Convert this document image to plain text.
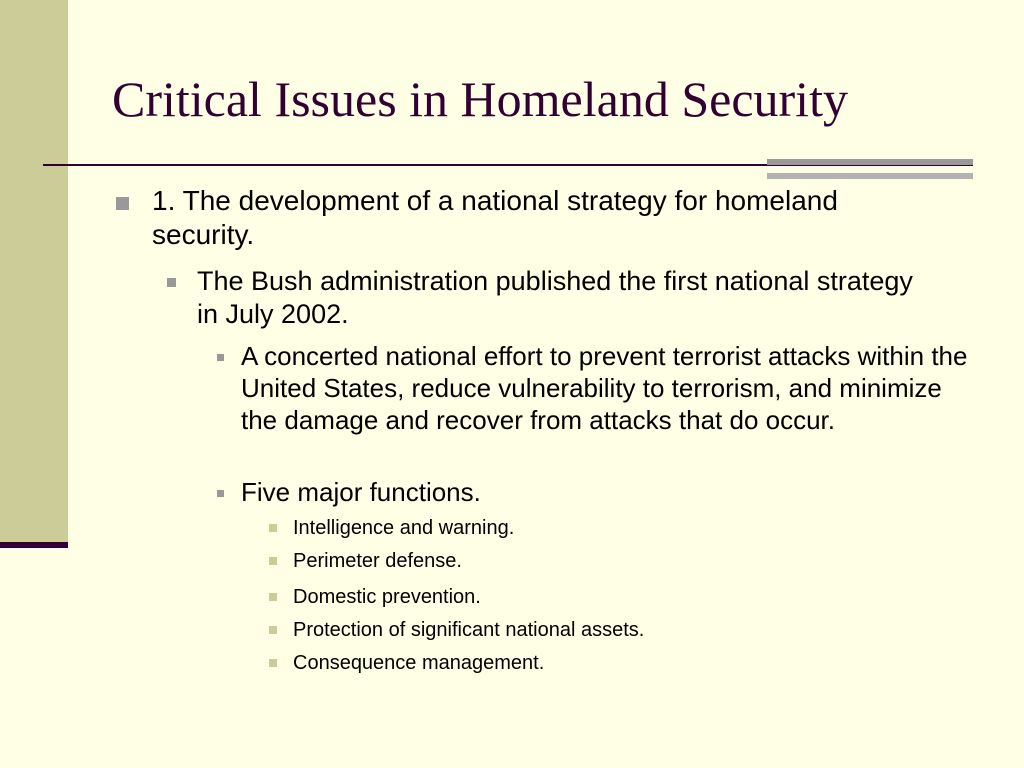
Critical Issues in Homeland Security
1. The development of a national strategy for homeland security.
The Bush administration published the first national strategy in July 2002.
A concerted national effort to prevent terrorist attacks within the United States, reduce vulnerability to terrorism, and minimize the damage and recover from attacks that do occur.
Five major functions.
Intelligence and warning.
Perimeter defense.
Domestic prevention.
Protection of significant national assets.
Consequence management.
